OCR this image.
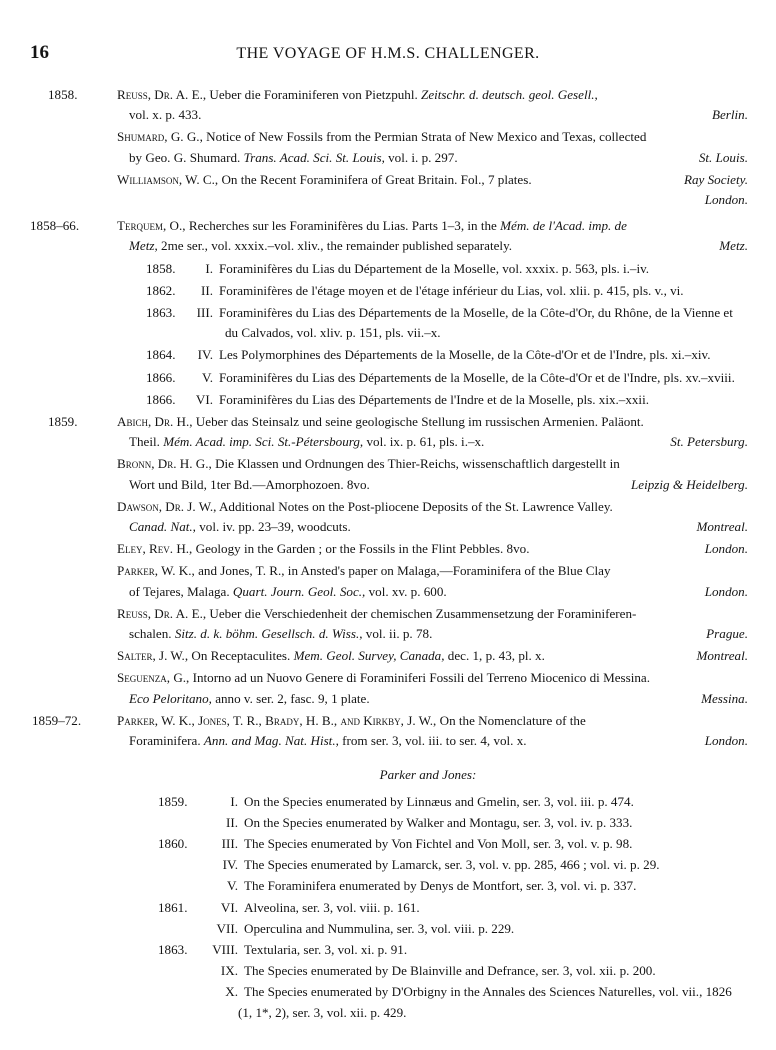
16	THE VOYAGE OF H.M.S. CHALLENGER.
1858.	Reuss, Dr. A. E., Ueber die Foraminiferen von Pietzpuhl. Zeitschr. d. deutsch. geol. Gesell.,
vol. x. p. 433.	Berlin.
Shumard, G. G., Notice of New Fossils from the Permian Strata of New Mexico and Texas, collected
by Geo. G. Shumard. Trans. Acad. Sci. St. Louis, vol. i. p. 297.	St. Louis.
Williamson, W. C., On the Recent Foraminifera of Great Britain. Fol., 7 plates.	Ray Society.
London.
1858–66.	Terquem, O., Recherches sur les Foraminifères du Lias. Parts 1–3, in the Mém. de l'Acad. imp. de
Metz, 2me ser., vol. xxxix.–vol. xliv., the remainder published separately.	Metz.
1858.	I. Foraminifères du Lias du Département de la Moselle, vol. xxxix. p. 563, pls. i.–iv.
1862.	II. Foraminifères de l'étage moyen et de l'étage inférieur du Lias, vol. xlii. p. 415, pls. v., vi.
1863.	III. Foraminifères du Lias des Départements de la Moselle, de la Côte-d'Or, du Rhône, de la Vienne et du Calvados, vol. xliv. p. 151, pls. vii.–x.
1864.	IV. Les Polymorphines des Départements de la Moselle, de la Côte-d'Or et de l'Indre, pls. xi.–xiv.
1866.	V. Foraminifères du Lias des Départements de la Moselle, de la Côte-d'Or et de l'Indre, pls. xv.–xviii.
1866.	VI. Foraminifères du Lias des Départements de l'Indre et de la Moselle, pls. xix.–xxii.
1859.	Abich, Dr. H., Ueber das Steinsalz und seine geologische Stellung im russischen Armenien. Paläont.
Theil. Mém. Acad. imp. Sci. St.-Pétersbourg, vol. ix. p. 61, pls. i.–x.	St. Petersburg.
Bronn, Dr. H. G., Die Klassen und Ordnungen des Thier-Reichs, wissenschaftlich dargestellt in
Wort und Bild, 1ter Bd.—Amorphozoen. 8vo.	Leipzig & Heidelberg.
Dawson, Dr. J. W., Additional Notes on the Post-pliocene Deposits of the St. Lawrence Valley.
Canad. Nat., vol. iv. pp. 23–39, woodcuts.	Montreal.
Eley, Rev. H., Geology in the Garden ; or the Fossils in the Flint Pebbles. 8vo.	London.
Parker, W. K., and Jones, T. R., in Ansted's paper on Malaga,—Foraminifera of the Blue Clay
of Tejares, Malaga. Quart. Journ. Geol. Soc., vol. xv. p. 600.	London.
Reuss, Dr. A. E., Ueber die Verschiedenheit der chemischen Zusammensetzung der Foraminiferen-
schalen. Sitz. d. k. böhm. Gesellsch. d. Wiss., vol. ii. p. 78.	Prague.
Salter, J. W., On Receptaculites. Mem. Geol. Survey, Canada, dec. 1, p. 43, pl. x.	Montreal.
Seguenza, G., Intorno ad un Nuovo Genere di Foraminiferi Fossili del Terreno Miocenico di Messina.
Eco Peloritano, anno v. ser. 2, fasc. 9, 1 plate.	Messina.
1859–72.	Parker, W. K., Jones, T. R., Brady, H. B., and Kirkby, J. W., On the Nomenclature of the
Foraminifera. Ann. and Mag. Nat. Hist., from ser. 3, vol. iii. to ser. 4, vol. x.	London.
Parker and Jones:
1859.	I. On the Species enumerated by Linnæus and Gmelin, ser. 3, vol. iii. p. 474.
II. On the Species enumerated by Walker and Montagu, ser. 3, vol. iv. p. 333.
1860.	III. The Species enumerated by Von Fichtel and Von Moll, ser. 3, vol. v. p. 98.
IV. The Species enumerated by Lamarck, ser. 3, vol. v. pp. 285, 466 ; vol. vi. p. 29.
V. The Foraminifera enumerated by Denys de Montfort, ser. 3, vol. vi. p. 337.
1861.	VI. Alveolina, ser. 3, vol. viii. p. 161.
VII. Operculina and Nummulina, ser. 3, vol. viii. p. 229.
1863. VIII. Textularia, ser. 3, vol. xi. p. 91.
IX. The Species enumerated by De Blainville and Defrance, ser. 3, vol. xii. p. 200.
X. The Species enumerated by D'Orbigny in the Annales des Sciences Naturelles, vol. vii., 1826 (1, 1*, 2), ser. 3, vol. xii. p. 429.
